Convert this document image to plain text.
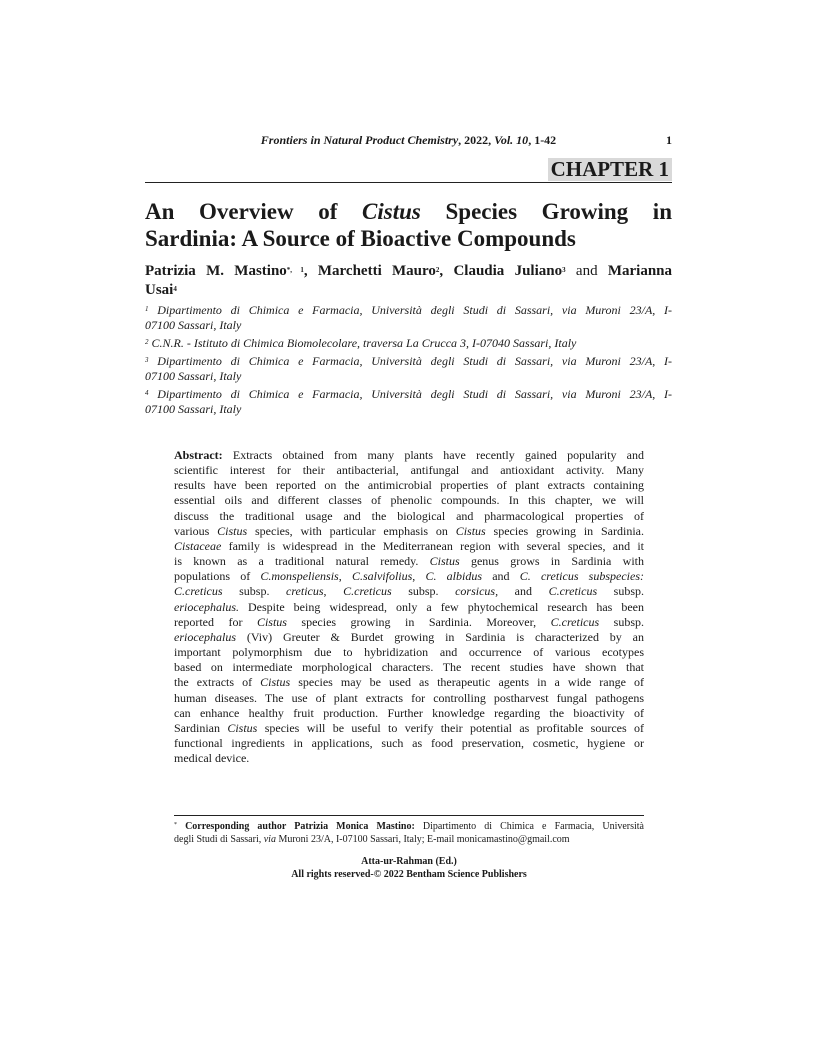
Frontiers in Natural Product Chemistry, 2022, Vol. 10, 1-42	1
CHAPTER 1
An Overview of Cistus Species Growing in
Sardinia: A Source of Bioactive Compounds
Patrizia M. Mastino$^{*, 1}$, Marchetti Mauro$^2$, Claudia Juliano$^3$ and Marianna
Usai$^4$

$^1$ Dipartimento di Chimica e Farmacia, Università degli Studi di Sassari, via Muroni 23/A, I-
07100 Sassari, Italy

$^2$ C.N.R. - Istituto di Chimica Biomolecolare, traversa La Crucca 3, I-07040 Sassari, Italy

$^3$ Dipartimento di Chimica e Farmacia, Università degli Studi di Sassari, via Muroni 23/A, I-
07100 Sassari, Italy

$^4$ Dipartimento di Chimica e Farmacia, Università degli Studi di Sassari, via Muroni 23/A, I-
07100 Sassari, Italy

Abstract: Extracts obtained from many plants have recently gained popularity and
scientific interest for their antibacterial, antifungal and antioxidant activity. Many
results have been reported on the antimicrobial properties of plant extracts containing
essential oils and different classes of phenolic compounds. In this chapter, we will
discuss the traditional usage and the biological and pharmacological properties of
various Cistus species, with particular emphasis on Cistus species growing in Sardinia.
Cistaceae family is widespread in the Mediterranean region with several species, and it
is known as a traditional natural remedy. Cistus genus grows in Sardinia with
populations of C.monspeliensis, C.salvifolius, C. albidus and C. creticus subspecies:
C.creticus subsp. creticus, C.creticus subsp. corsicus, and C.creticus subsp.
eriocephalus. Despite being widespread, only a few phytochemical research has been
reported for Cistus species growing in Sardinia. Moreover, C.creticus subsp.
eriocephalus (Viv) Greuter & Burdet growing in Sardinia is characterized by an
important polymorphism due to hybridization and occurrence of various ecotypes
based on intermediate morphological characters. The recent studies have shown that
the extracts of Cistus species may be used as therapeutic agents in a wide range of
human diseases. The use of plant extracts for controlling postharvest fungal pathogens
can enhance healthy fruit production. Further knowledge regarding the bioactivity of
Sardinian Cistus species will be useful to verify their potential as profitable sources of
functional ingredients in applications, such as food preservation, cosmetic, hygiene or
medical device.
* Corresponding author Patrizia Monica Mastino: Dipartimento di Chimica e Farmacia, Università
degli Studi di Sassari, via Muroni 23/A, I-07100 Sassari, Italy; E-mail monicamastino@gmail.com
Atta-ur-Rahman (Ed.)
All rights reserved-© 2022 Bentham Science Publishers
